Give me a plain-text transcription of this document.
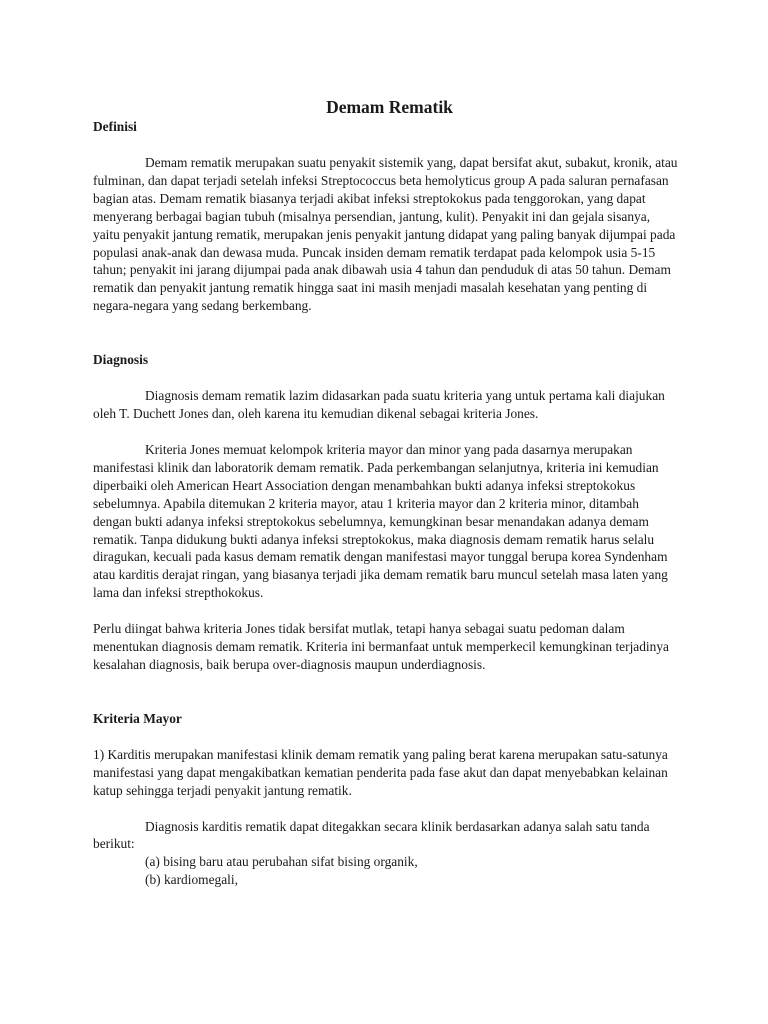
Demam Rematik
Definisi

Demam rematik merupakan suatu penyakit sistemik yang, dapat bersifat akut, subakut, kronik, atau fulminan, dan dapat terjadi setelah infeksi Streptococcus beta hemolyticus group A pada saluran pernafasan bagian atas. Demam rematik biasanya terjadi akibat infeksi streptokokus pada tenggorokan, yang dapat menyerang berbagai bagian tubuh (misalnya persendian, jantung, kulit). Penyakit ini dan gejala sisanya, yaitu penyakit jantung rematik, merupakan jenis penyakit jantung didapat yang paling banyak dijumpai pada populasi anak-anak dan dewasa muda. Puncak insiden demam rematik terdapat pada kelompok usia 5-15 tahun; penyakit ini jarang dijumpai pada anak dibawah usia 4 tahun dan penduduk di atas 50 tahun. Demam rematik dan penyakit jantung rematik hingga saat ini masih menjadi masalah kesehatan yang penting di negara-negara yang sedang berkembang.

Diagnosis

Diagnosis demam rematik lazim didasarkan pada suatu kriteria yang untuk pertama kali diajukan oleh T. Duchett Jones dan, oleh karena itu kemudian dikenal sebagai kriteria Jones.

Kriteria Jones memuat kelompok kriteria mayor dan minor yang pada dasarnya merupakan manifestasi klinik dan laboratorik demam rematik. Pada perkembangan selanjutnya, kriteria ini kemudian diperbaiki oleh American Heart Association dengan menambahkan bukti adanya infeksi streptokokus sebelumnya. Apabila ditemukan 2 kriteria mayor, atau 1 kriteria mayor dan 2 kriteria minor, ditambah dengan bukti adanya infeksi streptokokus sebelumnya, kemungkinan besar menandakan adanya demam rematik. Tanpa didukung bukti adanya infeksi streptokokus, maka diagnosis demam rematik harus selalu diragukan, kecuali pada kasus demam rematik dengan manifestasi mayor tunggal berupa korea Syndenham atau karditis derajat ringan, yang biasanya terjadi jika demam rematik baru muncul setelah masa laten yang lama dan infeksi strepthokokus.

Perlu diingat bahwa kriteria Jones tidak bersifat mutlak, tetapi hanya sebagai suatu pedoman dalam menentukan diagnosis demam rematik. Kriteria ini bermanfaat untuk memperkecil kemungkinan terjadinya kesalahan diagnosis, baik berupa over-diagnosis maupun underdiagnosis.

Kriteria Mayor

1) Karditis merupakan manifestasi klinik demam rematik yang paling berat karena merupakan satu-satunya manifestasi yang dapat mengakibatkan kematian penderita pada fase akut dan dapat menyebabkan kelainan katup sehingga terjadi penyakit jantung rematik.

Diagnosis karditis rematik dapat ditegakkan secara klinik berdasarkan adanya salah satu tanda berikut:

(a) bising baru atau perubahan sifat bising organik,

(b) kardiomegali,
